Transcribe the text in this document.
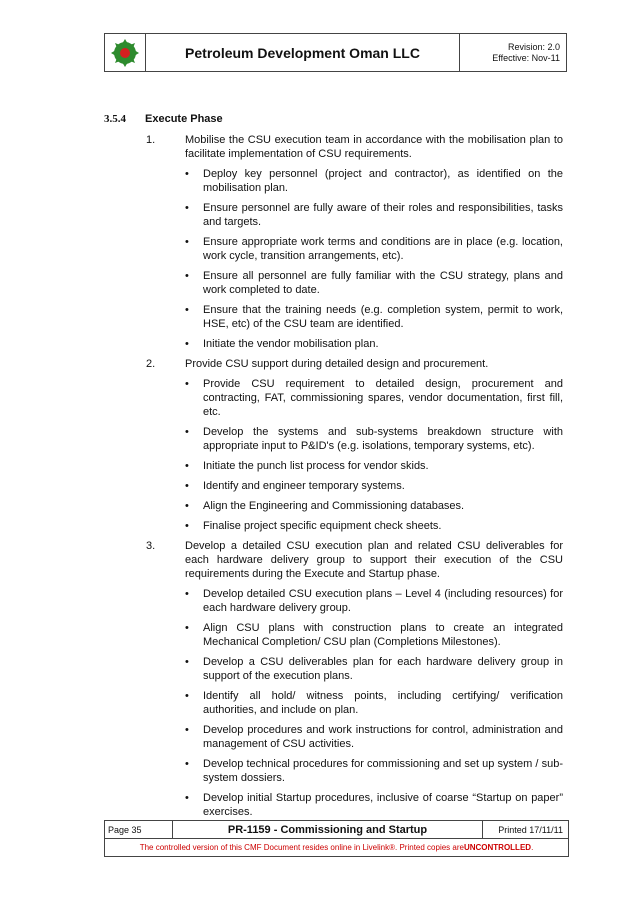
Petroleum Development Oman LLC	Revision: 2.0
Effective: Nov-11
3.5.4 Execute Phase
1.	Mobilise the CSU execution team in accordance with the mobilisation plan to facilitate implementation of CSU requirements.
•	Deploy key personnel (project and contractor), as identified on the mobilisation plan.
•	Ensure personnel are fully aware of their roles and responsibilities, tasks and targets.
•	Ensure appropriate work terms and conditions are in place (e.g. location, work cycle, transition arrangements, etc).
•	Ensure all personnel are fully familiar with the CSU strategy, plans and work completed to date.
•	Ensure that the training needs (e.g. completion system, permit to work, HSE, etc) of the CSU team are identified.
•	Initiate the vendor mobilisation plan.
2.	Provide CSU support during detailed design and procurement.
•	Provide CSU requirement to detailed design, procurement and contracting, FAT, commissioning spares, vendor documentation, first fill, etc.
•	Develop the systems and sub-systems breakdown structure with appropriate input to P&ID's (e.g. isolations, temporary systems, etc).
•	Initiate the punch list process for vendor skids.
•	Identify and engineer temporary systems.
•	Align the Engineering and Commissioning databases.
•	Finalise project specific equipment check sheets.
3.	Develop a detailed CSU execution plan and related CSU deliverables for each hardware delivery group to support their execution of the CSU requirements during the Execute and Startup phase.
•	Develop detailed CSU execution plans – Level 4 (including resources) for each hardware delivery group.
•	Align CSU plans with construction plans to create an integrated Mechanical Completion/ CSU plan (Completions Milestones).
•	Develop a CSU deliverables plan for each hardware delivery group in support of the execution plans.
•	Identify all hold/ witness points, including certifying/ verification authorities, and include on plan.
•	Develop procedures and work instructions for control, administration and management of CSU activities.
•	Develop technical procedures for commissioning and set up system / sub-system dossiers.
•	Develop initial Startup procedures, inclusive of coarse “Startup on paper” exercises.
Page 35	PR-1159 - Commissioning and Startup	Printed 17/11/11
The controlled version of this CMF Document resides online in Livelink®. Printed copies are UNCONTROLLED .
